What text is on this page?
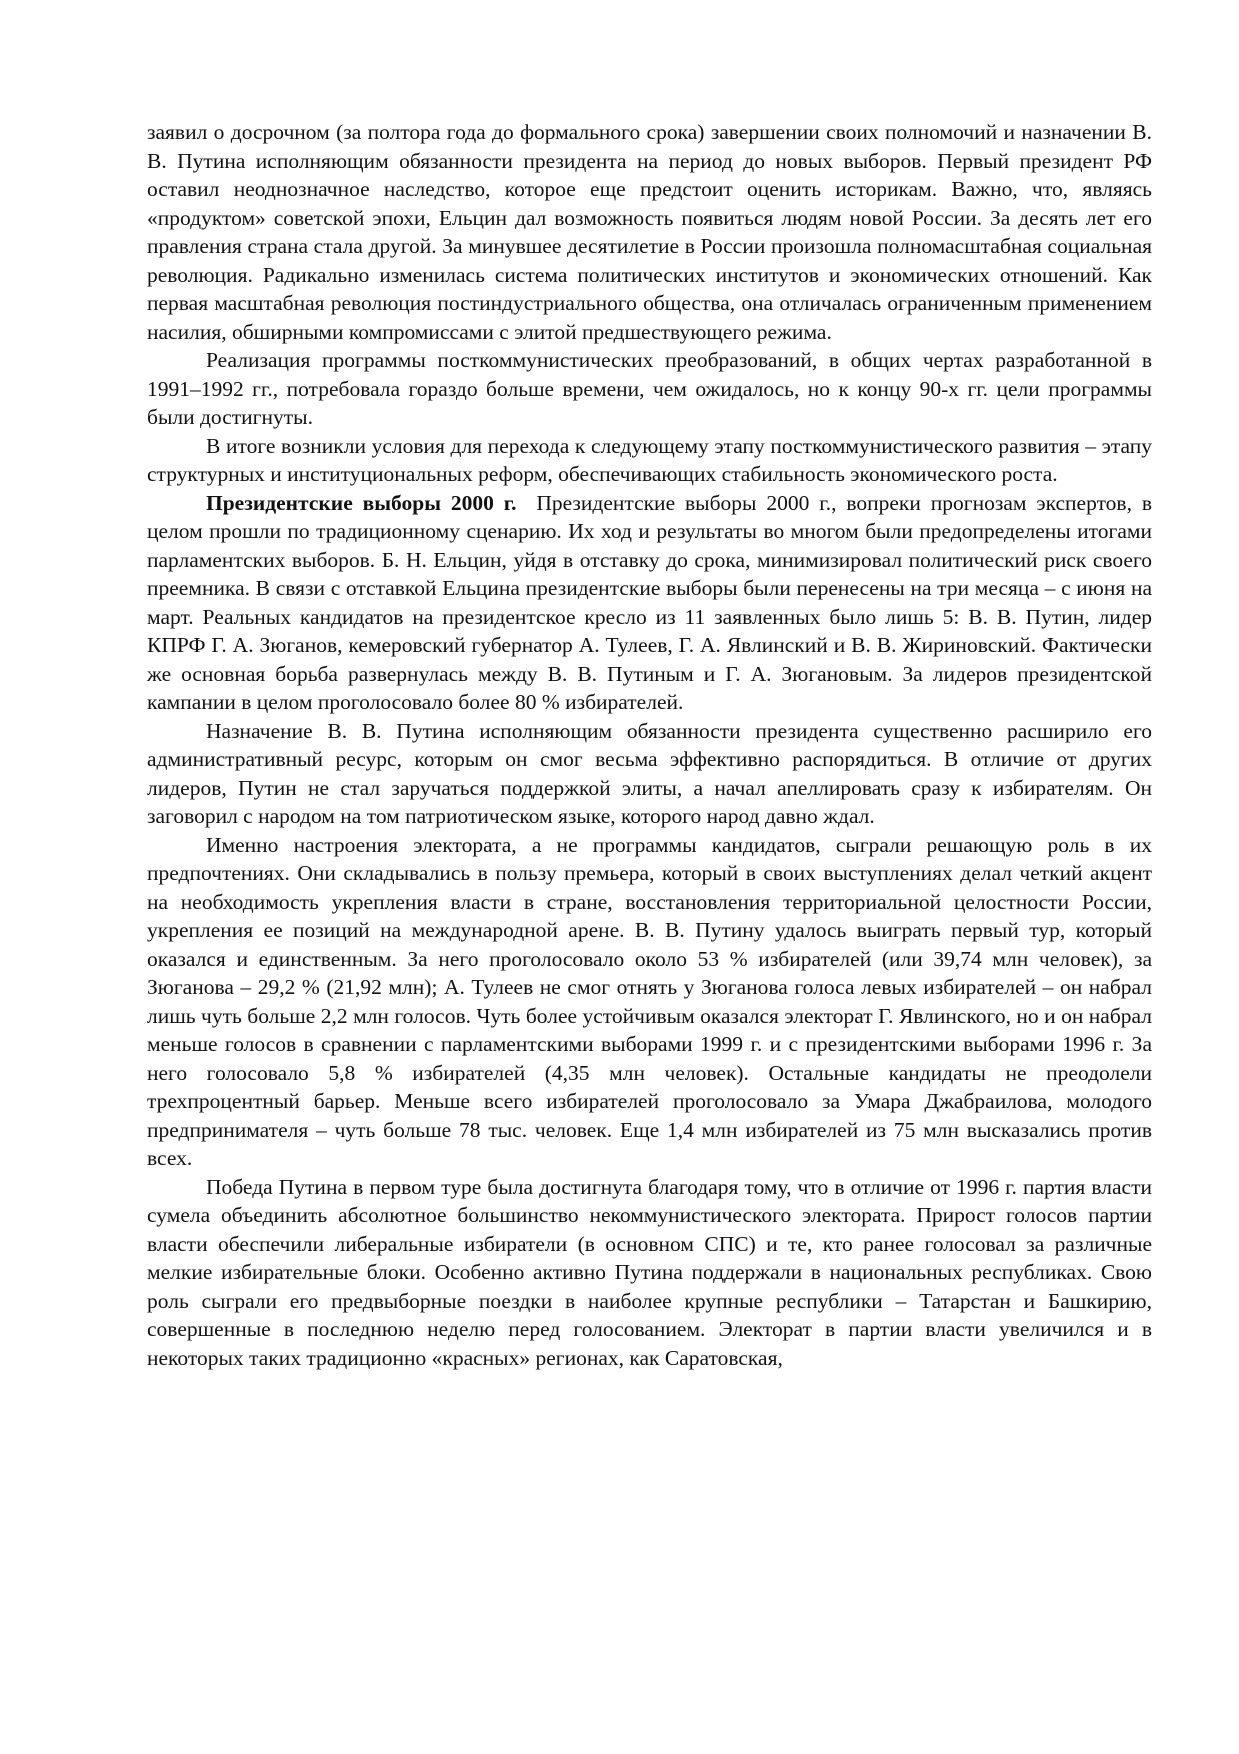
заявил о досрочном (за полтора года до формального срока) завершении своих полномочий и назначении В. В. Путина исполняющим обязанности президента на период до новых выборов. Первый президент РФ оставил неоднозначное наследство, которое еще предстоит оценить историкам. Важно, что, являясь «продуктом» советской эпохи, Ельцин дал возможность появиться людям новой России. За десять лет его правления страна стала другой. За минувшее десятилетие в России произошла полномасштабная социальная революция. Радикально изменилась система политических институтов и экономических отношений. Как первая масштабная революция постиндустриального общества, она отличалась ограниченным применением насилия, обширными компромиссами с элитой предшествующего режима.

Реализация программы посткоммунистических преобразований, в общих чертах разработанной в 1991–1992 гг., потребовала гораздо больше времени, чем ожидалось, но к концу 90-х гг. цели программы были достигнуты.

В итоге возникли условия для перехода к следующему этапу посткоммунистического развития – этапу структурных и институциональных реформ, обеспечивающих стабильность экономического роста.

Президентские выборы 2000 г. Президентские выборы 2000 г., вопреки прогнозам экспертов, в целом прошли по традиционному сценарию. Их ход и результаты во многом были предопределены итогами парламентских выборов. Б. Н. Ельцин, уйдя в отставку до срока, минимизировал политический риск своего преемника. В связи с отставкой Ельцина президентские выборы были перенесены на три месяца – с июня на март. Реальных кандидатов на президентское кресло из 11 заявленных было лишь 5: В. В. Путин, лидер КПРФ Г. А. Зюганов, кемеровский губернатор А. Тулеев, Г. А. Явлинский и В. В. Жириновский. Фактически же основная борьба развернулась между В. В. Путиным и Г. А. Зюгановым. За лидеров президентской кампании в целом проголосовало более 80 % избирателей.

Назначение В. В. Путина исполняющим обязанности президента существенно расширило его административный ресурс, которым он смог весьма эффективно распорядиться. В отличие от других лидеров, Путин не стал заручаться поддержкой элиты, а начал апеллировать сразу к избирателям. Он заговорил с народом на том патриотическом языке, которого народ давно ждал.

Именно настроения электората, а не программы кандидатов, сыграли решающую роль в их предпочтениях. Они складывались в пользу премьера, который в своих выступлениях делал четкий акцент на необходимость укрепления власти в стране, восстановления территориальной целостности России, укрепления ее позиций на международной арене. В. В. Путину удалось выиграть первый тур, который оказался и единственным. За него проголосовало около 53 % избирателей (или 39,74 млн человек), за Зюганова – 29,2 % (21,92 млн); А. Тулеев не смог отнять у Зюганова голоса левых избирателей – он набрал лишь чуть больше 2,2 млн голосов. Чуть более устойчивым оказался электорат Г. Явлинского, но и он набрал меньше голосов в сравнении с парламентскими выборами 1999 г. и с президентскими выборами 1996 г. За него голосовало 5,8 % избирателей (4,35 млн человек). Остальные кандидаты не преодолели трехпроцентный барьер. Меньше всего избирателей проголосовало за Умара Джабраилова, молодого предпринимателя – чуть больше 78 тыс. человек. Еще 1,4 млн избирателей из 75 млн высказались против всех.

Победа Путина в первом туре была достигнута благодаря тому, что в отличие от 1996 г. партия власти сумела объединить абсолютное большинство некоммунистического электората. Прирост голосов партии власти обеспечили либеральные избиратели (в основном СПС) и те, кто ранее голосовал за различные мелкие избирательные блоки. Особенно активно Путина поддержали в национальных республиках. Свою роль сыграли его предвыборные поездки в наиболее крупные республики – Татарстан и Башкирию, совершенные в последнюю неделю перед голосованием. Электорат в партии власти увеличился и в некоторых таких традиционно «красных» регионах, как Саратовская,
